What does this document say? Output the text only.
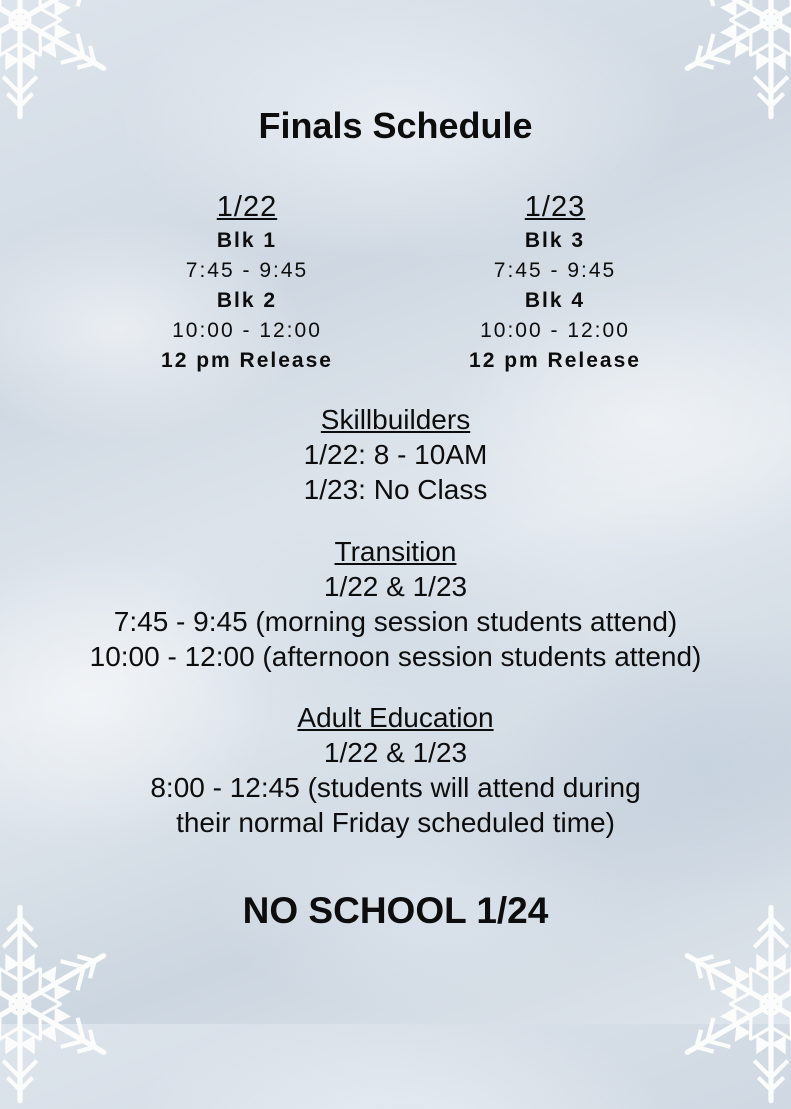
Finals Schedule
1/22
Blk 1
7:45 - 9:45
Blk 2
10:00 - 12:00
12 pm Release
1/23
Blk 3
7:45 - 9:45
Blk 4
10:00 - 12:00
12 pm Release
Skillbuilders
1/22: 8 - 10AM
1/23: No Class
Transition
1/22 & 1/23
7:45 - 9:45 (morning session students attend)
10:00 - 12:00 (afternoon session students attend)
Adult Education
1/22 & 1/23
8:00 - 12:45 (students will attend during
their normal Friday scheduled time)
NO SCHOOL 1/24
